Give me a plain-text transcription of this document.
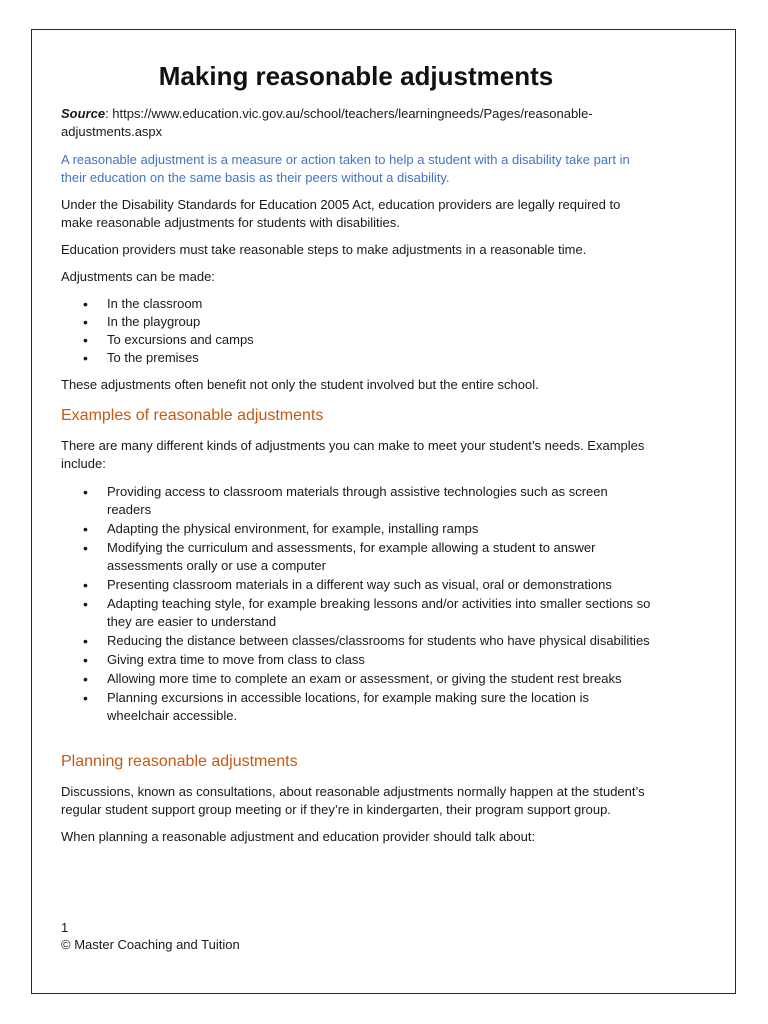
Making reasonable adjustments

Source: https://www.education.vic.gov.au/school/teachers/learningneeds/Pages/reasonable-adjustments.aspx

A reasonable adjustment is a measure or action taken to help a student with a disability take part in their education on the same basis as their peers without a disability.

Under the Disability Standards for Education 2005 Act, education providers are legally required to make reasonable adjustments for students with disabilities.

Education providers must take reasonable steps to make adjustments in a reasonable time.

Adjustments can be made:

• In the classroom
• In the playgroup
• To excursions and camps
• To the premises

These adjustments often benefit not only the student involved but the entire school.

Examples of reasonable adjustments

There are many different kinds of adjustments you can make to meet your student’s needs. Examples include:

• Providing access to classroom materials through assistive technologies such as screen readers
• Adapting the physical environment, for example, installing ramps
• Modifying the curriculum and assessments, for example allowing a student to answer assessments orally or use a computer
• Presenting classroom materials in a different way such as visual, oral or demonstrations
• Adapting teaching style, for example breaking lessons and/or activities into smaller sections so they are easier to understand
• Reducing the distance between classes/classrooms for students who have physical disabilities
• Giving extra time to move from class to class
• Allowing more time to complete an exam or assessment, or giving the student rest breaks
• Planning excursions in accessible locations, for example making sure the location is wheelchair accessible.
Planning reasonable adjustments

Discussions, known as consultations, about reasonable adjustments normally happen at the student’s regular student support group meeting or if they’re in kindergarten, their program support group.

When planning a reasonable adjustment and education provider should talk about:

1
© Master Coaching and Tuition
